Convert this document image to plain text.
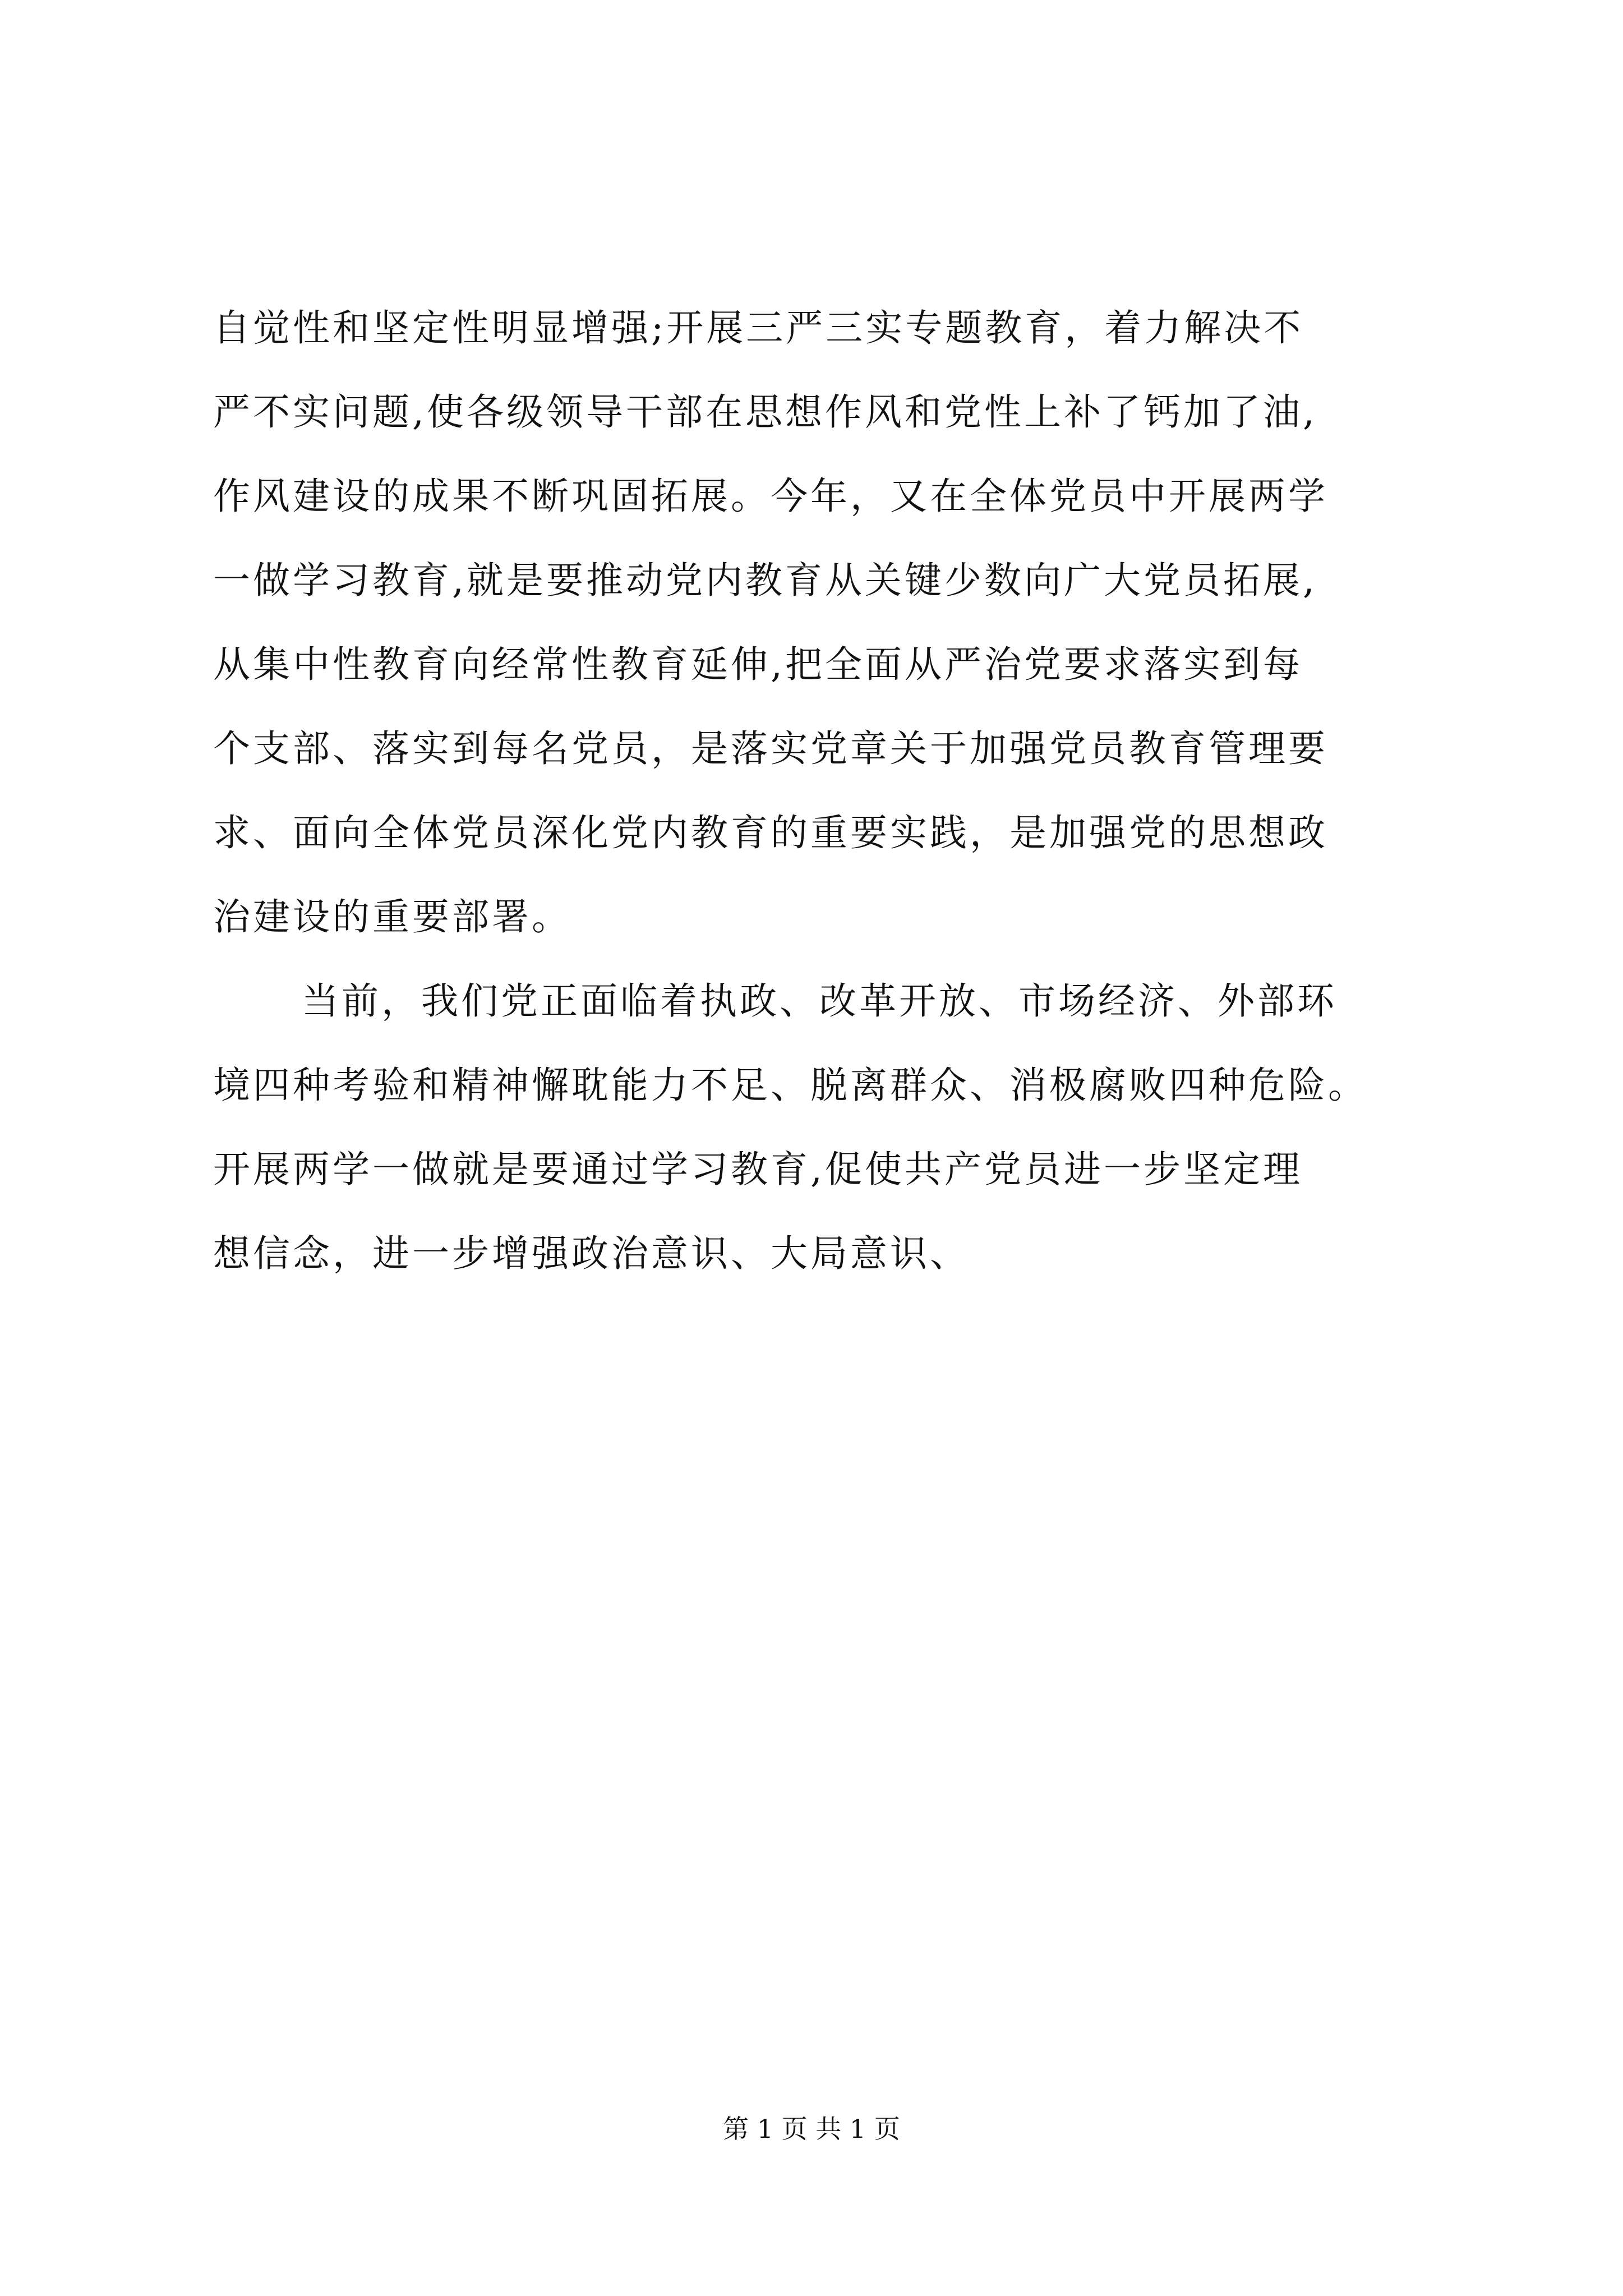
自觉性和坚定性明显增强;开展三严三实专题教育，着力解决不
严不实问题,使各级领导干部在思想作风和党性上补了钙加了油,
作风建设的成果不断巩固拓展。今年，又在全体党员中开展两学
一做学习教育,就是要推动党内教育从关键少数向广大党员拓展,
从集中性教育向经常性教育延伸,把全面从严治党要求落实到每
个支部、落实到每名党员，是落实党章关于加强党员教育管理要
求、面向全体党员深化党内教育的重要实践，是加强党的思想政
治建设的重要部署。
当前，我们党正面临着执政、改革开放、市场经济、外部环
境四种考验和精神懈耽能力不足、脱离群众、消极腐败四种危险。
开展两学一做就是要通过学习教育,促使共产党员进一步坚定理
想信念，进一步增强政治意识、大局意识、
第 1 页 共 1 页
